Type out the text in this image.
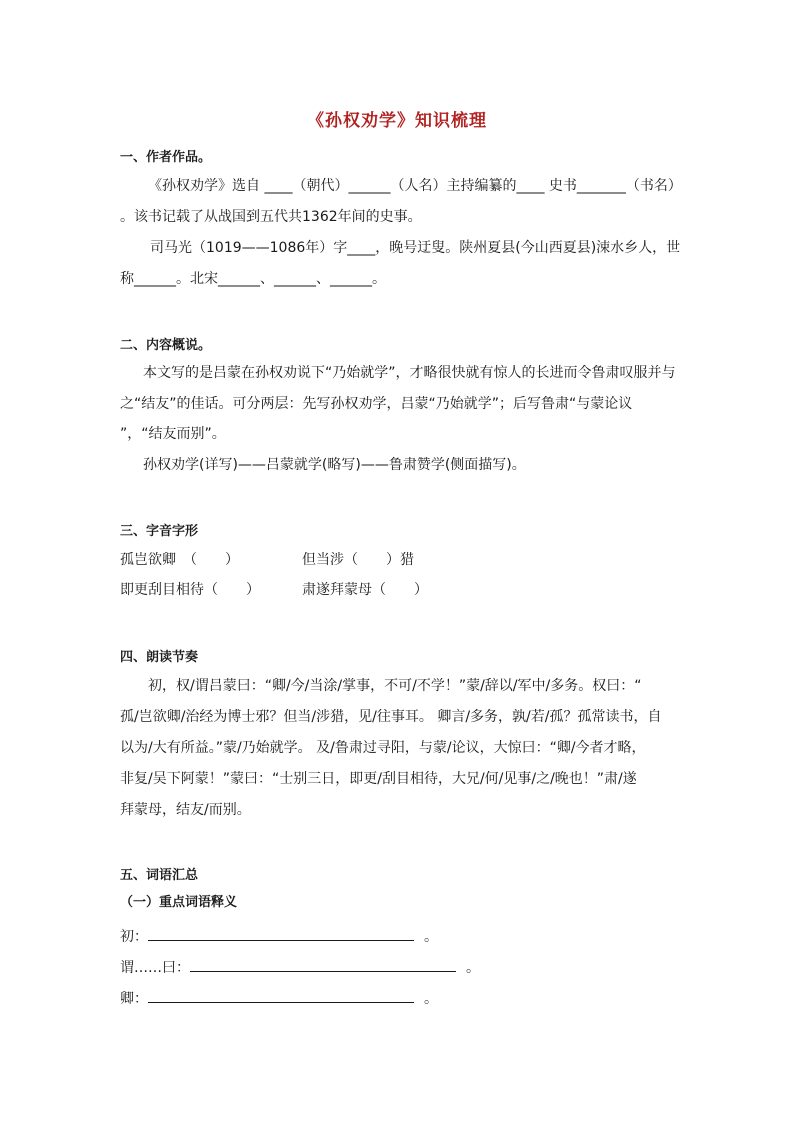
《孙权劝学》知识梳理
一、作者作品。
《孙权劝学》选自 ____（朝代）______（人名）主持编纂的____ 史书_______（书名）
。该书记载了从战国到五代共1362年间的史事。
司马光（1019——1086年）字____，晚号迂叟。陕州夏县(今山西夏县)涑水乡人，世
称______。北宋______、______、______。
二、内容概说。
本文写的是吕蒙在孙权劝说下“乃始就学”，才略很快就有惊人的长进而令鲁肃叹服并与
之“结友”的佳话。可分两层：先写孙权劝学，吕蒙“乃始就学”；后写鲁肃“与蒙论议
”，“结友而别”。
孙权劝学(详写)——吕蒙就学(略写)——鲁肃赞学(侧面描写)。
三、字音字形
孤岂欲卿　（　　）	但当涉（　　）猎
即更刮目相待（　　）	肃遂拜蒙母（　　）
四、朗读节奏
初，权/谓吕蒙曰：“卿/今/当涂/掌事，不可/不学！”蒙/辞以/军中/多务。权曰：“
孤/岂欲卿/治经为博士邪？但当/涉猎，见/往事耳。 卿言/多务，孰/若/孤？孤常读书，自
以为/大有所益。”蒙/乃始就学。 及/鲁肃过寻阳，与蒙/论议，大惊曰：“卿/今者才略，
非复/吴下阿蒙！”蒙曰：“士别三日，即更/刮目相待，大兄/何/见事/之/晚也！”肃/遂
拜蒙母，结友/而别。
五、词语汇总
（一）重点词语释义
初：	。
谓……曰：	。
卿：	。
